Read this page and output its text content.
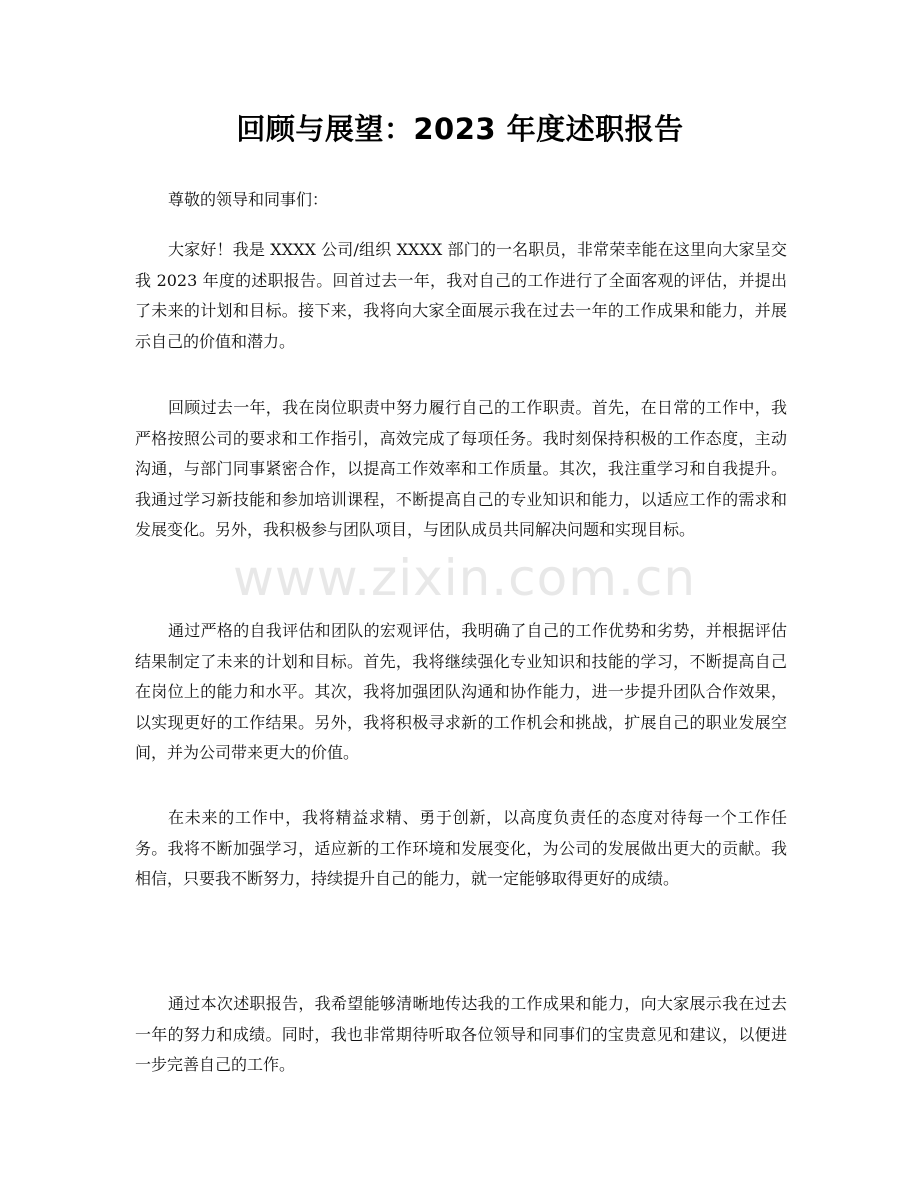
回顾与展望：2023 年度述职报告
尊敬的领导和同事们：

大家好！我是 XXXX 公司/组织 XXXX 部门的一名职员，非常荣幸能在这里向大家呈交我 2023 年度的述职报告。回首过去一年，我对自己的工作进行了全面客观的评估，并提出了未来的计划和目标。接下来，我将向大家全面展示我在过去一年的工作成果和能力，并展示自己的价值和潜力。

回顾过去一年，我在岗位职责中努力履行自己的工作职责。首先，在日常的工作中，我严格按照公司的要求和工作指引，高效完成了每项任务。我时刻保持积极的工作态度，主动沟通，与部门同事紧密合作，以提高工作效率和工作质量。其次，我注重学习和自我提升。我通过学习新技能和参加培训课程，不断提高自己的专业知识和能力，以适应工作的需求和发展变化。另外，我积极参与团队项目，与团队成员共同解决问题和实现目标。

通过严格的自我评估和团队的宏观评估，我明确了自己的工作优势和劣势，并根据评估结果制定了未来的计划和目标。首先，我将继续强化专业知识和技能的学习，不断提高自己在岗位上的能力和水平。其次，我将加强团队沟通和协作能力，进一步提升团队合作效果，以实现更好的工作结果。另外，我将积极寻求新的工作机会和挑战，扩展自己的职业发展空间，并为公司带来更大的价值。

在未来的工作中，我将精益求精、勇于创新，以高度负责任的态度对待每一个工作任务。我将不断加强学习，适应新的工作环境和发展变化，为公司的发展做出更大的贡献。我相信，只要我不断努力，持续提升自己的能力，就一定能够取得更好的成绩。

通过本次述职报告，我希望能够清晰地传达我的工作成果和能力，向大家展示我在过去一年的努力和成绩。同时，我也非常期待听取各位领导和同事们的宝贵意见和建议，以便进一步完善自己的工作。

www.zixin.com.cn
